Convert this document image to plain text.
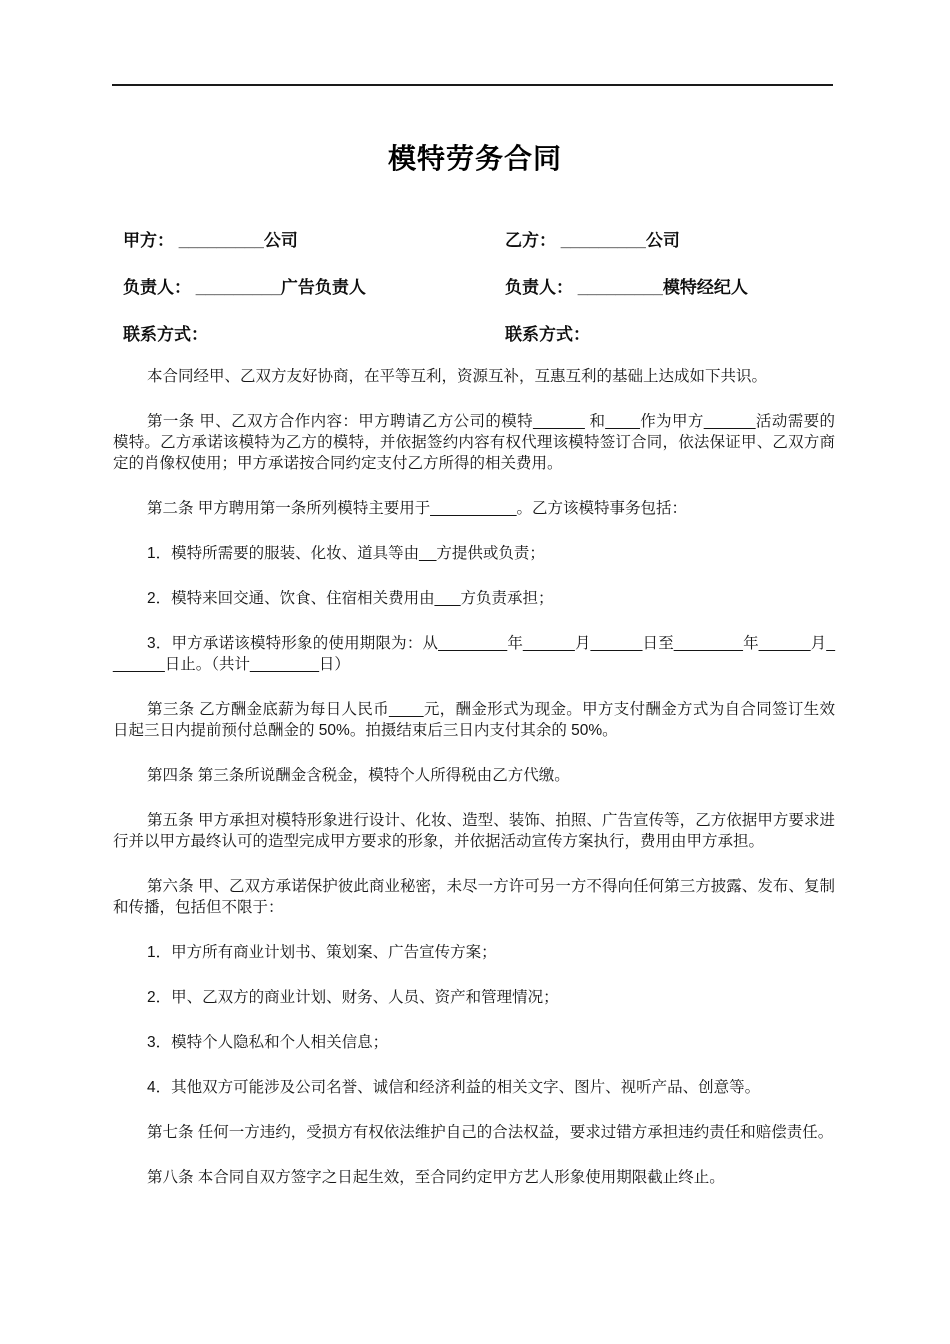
模特劳务合同
甲方： _________公司	乙方： _________公司
负责人： _________广告负责人	负责人： _________模特经纪人
联系方式：	联系方式：

本合同经甲、乙双方友好协商，在平等互利，资源互补，互惠互利的基础上达成如下共识。

第一条 甲、乙双方合作内容：甲方聘请乙方公司的模特______ 和____作为甲方______活动需要的模特。乙方承诺该模特为乙方的模特，并依据签约内容有权代理该模特签订合同，依法保证甲、乙双方商定的肖像权使用；甲方承诺按合同约定支付乙方所得的相关费用。

第二条 甲方聘用第一条所列模特主要用于__________。乙方该模特事务包括：

1．模特所需要的服装、化妆、道具等由__方提供或负责；

2．模特来回交通、饮食、住宿相关费用由___方负责承担；

3．甲方承诺该模特形象的使用期限为：从________年______月______日至________年______月_______日止。（共计________日）

第三条 乙方酬金底薪为每日人民币____元，酬金形式为现金。甲方支付酬金方式为自合同签订生效日起三日内提前预付总酬金的 50%。拍摄结束后三日内支付其余的 50%。

第四条 第三条所说酬金含税金，模特个人所得税由乙方代缴。

第五条 甲方承担对模特形象进行设计、化妆、造型、装饰、拍照、广告宣传等，乙方依据甲方要求进行并以甲方最终认可的造型完成甲方要求的形象，并依据活动宣传方案执行，费用由甲方承担。

第六条 甲、乙双方承诺保护彼此商业秘密，未尽一方许可另一方不得向任何第三方披露、发布、复制和传播，包括但不限于：

1．甲方所有商业计划书、策划案、广告宣传方案；

2．甲、乙双方的商业计划、财务、人员、资产和管理情况；

3．模特个人隐私和个人相关信息；

4．其他双方可能涉及公司名誉、诚信和经济利益的相关文字、图片、视听产品、创意等。

第七条 任何一方违约，受损方有权依法维护自己的合法权益，要求过错方承担违约责任和赔偿责任。

第八条 本合同自双方签字之日起生效，至合同约定甲方艺人形象使用期限截止终止。
